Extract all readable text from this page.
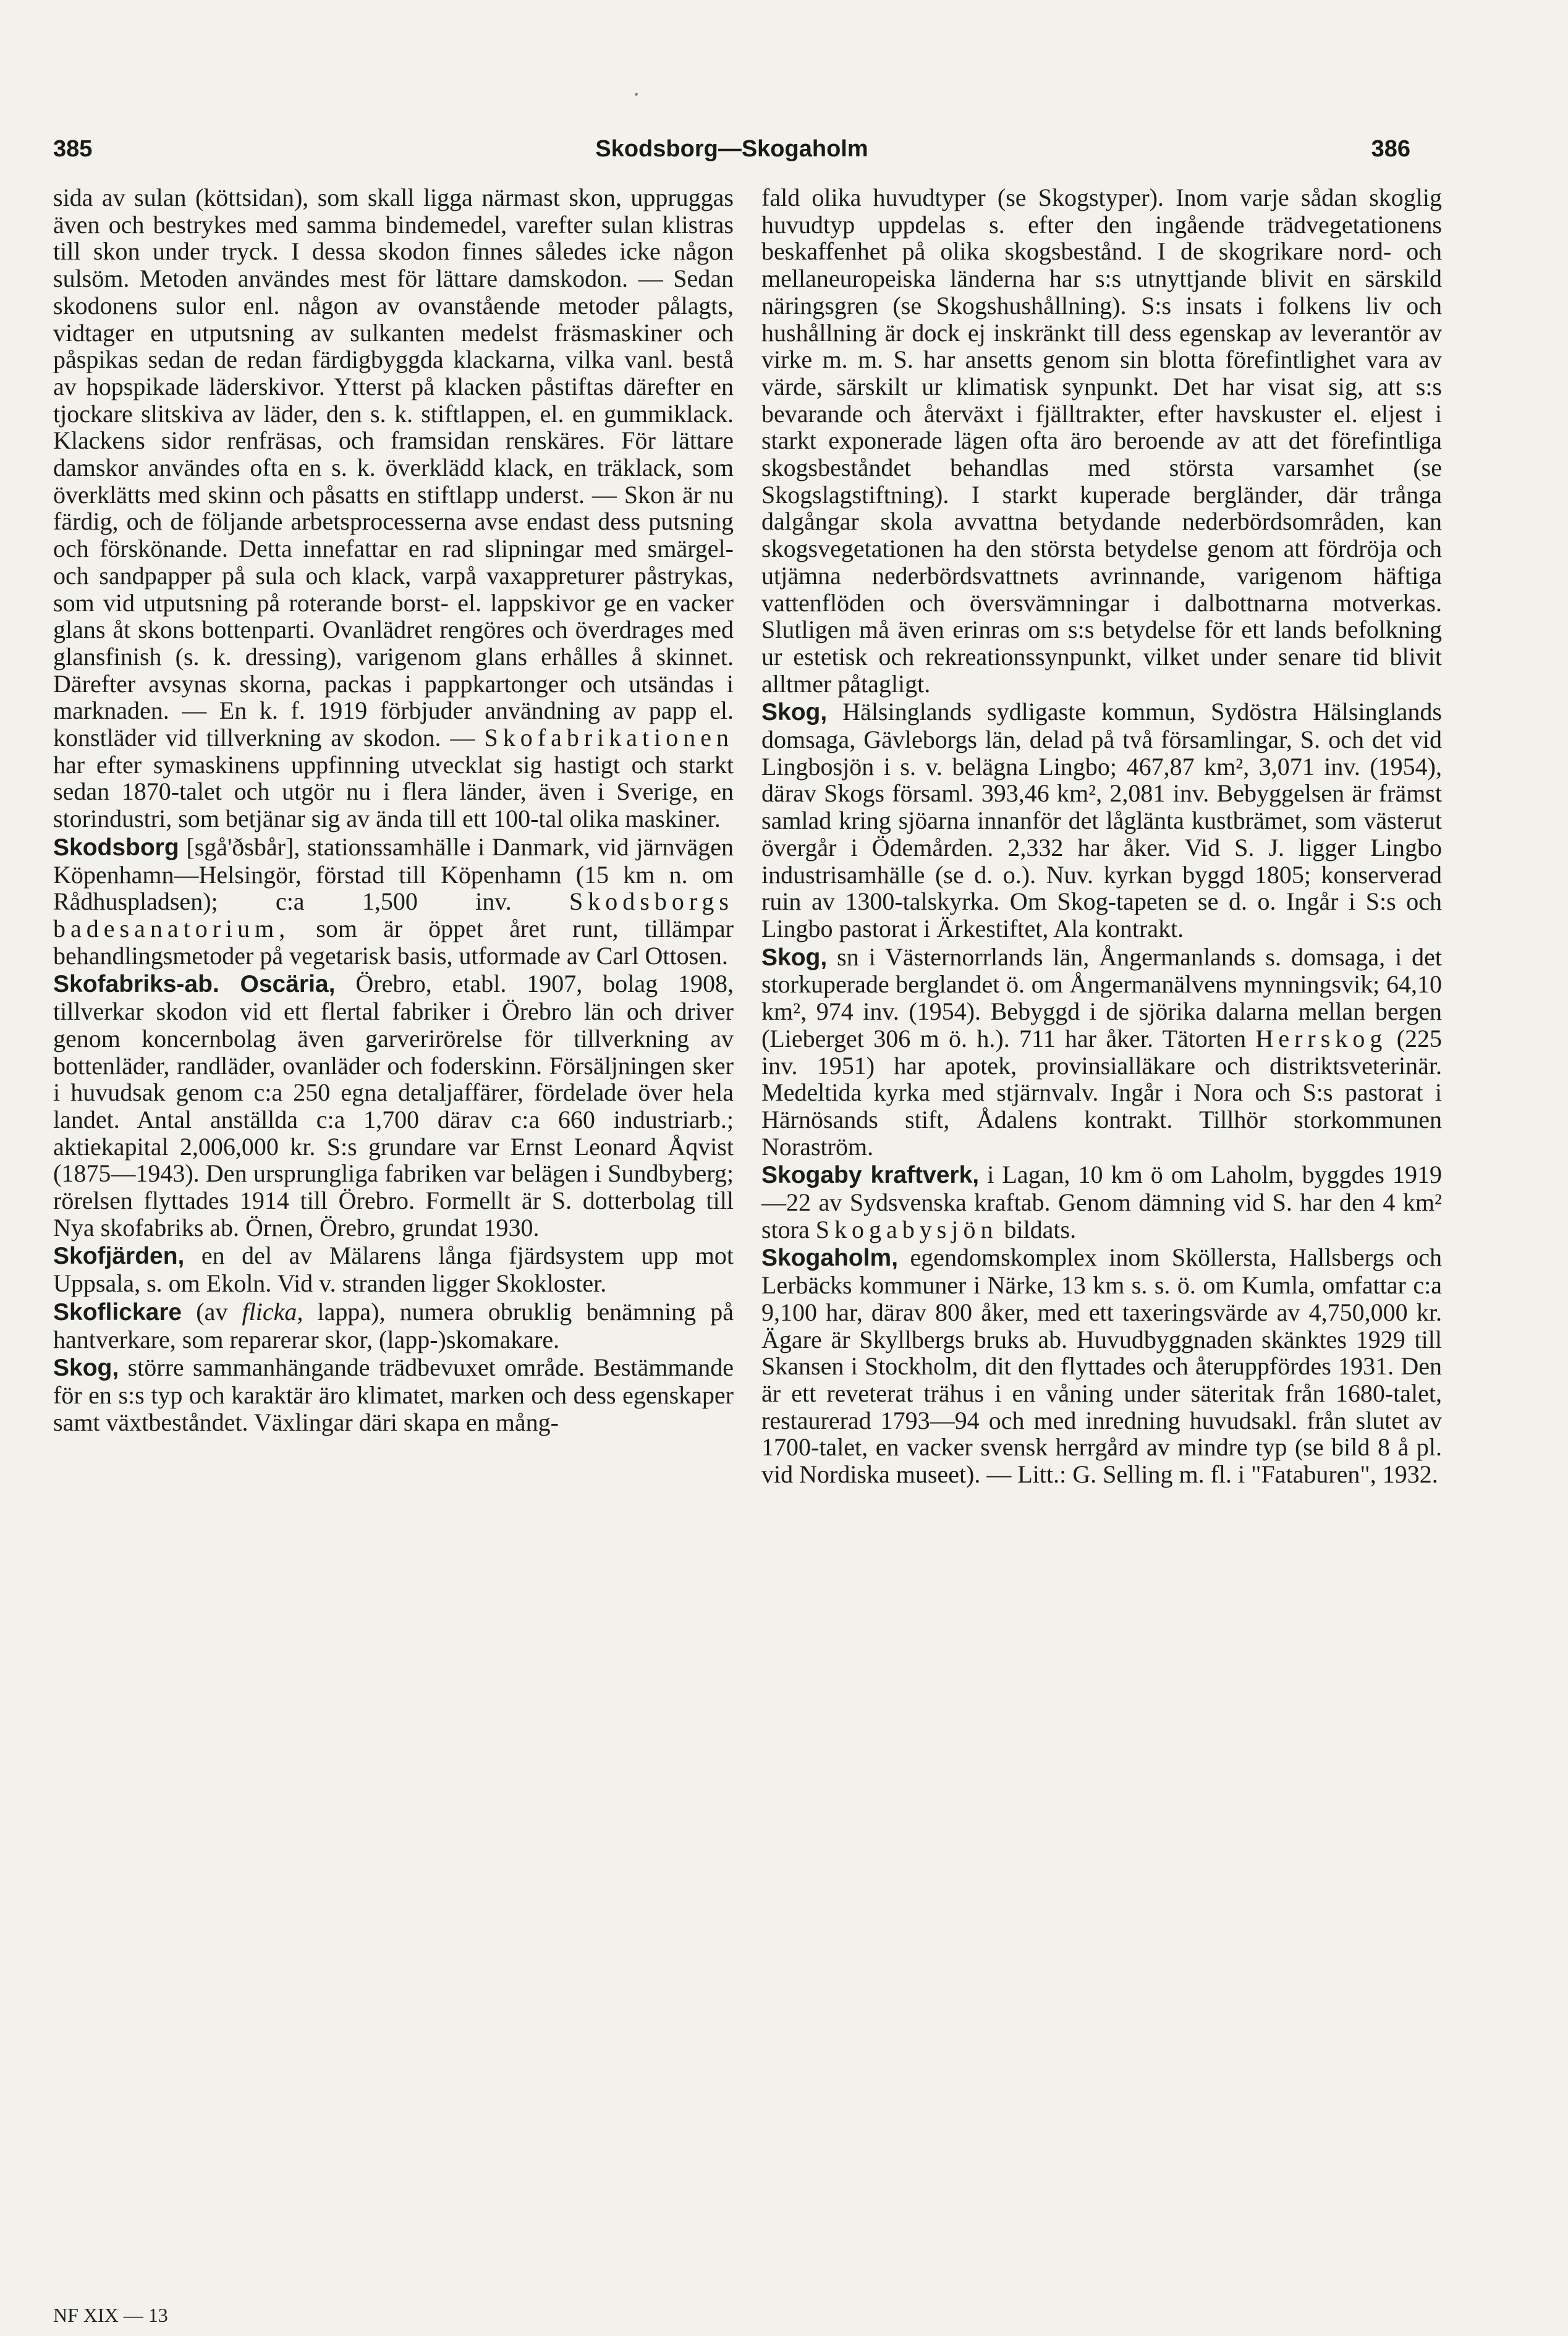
385	Skodsborg—Skogaholm	386

sida av sulan (köttsidan), som skall ligga närmast skon, uppruggas även och bestrykes med samma bindemedel, varefter sulan klistras till skon under tryck. I dessa skodon finnes således icke någon sulsöm. Metoden användes mest för lättare damskodon. — Sedan skodonens sulor enl. någon av ovanstående metoder pålagts, vidtager en utputsning av sulkanten medelst fräsmaskiner och påspikas sedan de redan färdigbyggda klackarna, vilka vanl. bestå av hopspikade läderskivor. Ytterst på klacken påstiftas därefter en tjockare slitskiva av läder, den s. k. stiftlappen, el. en gummiklack. Klackens sidor renfräsas, och framsidan renskäres. För lättare damskor användes ofta en s. k. överklädd klack, en träklack, som överklätts med skinn och påsatts en stiftlapp underst. — Skon är nu färdig, och de följande arbetsprocesserna avse endast dess putsning och förskönande. Detta innefattar en rad slipningar med smärgel- och sandpapper på sula och klack, varpå vaxappreturer påstrykas, som vid utputsning på roterande borst- el. lappskivor ge en vacker glans åt skons bottenparti. Ovanlädret rengöres och överdrages med glansfinish (s. k. dressing), varigenom glans erhålles å skinnet. Därefter avsynas skorna, packas i pappkartonger och utsändas i marknaden. — En k. f. 1919 förbjuder användning av papp el. konstläder vid tillverkning av skodon. — Skofabrikationen har efter symaskinens uppfinning utvecklat sig hastigt och starkt sedan 1870-talet och utgör nu i flera länder, även i Sverige, en storindustri, som betjänar sig av ända till ett 100-tal olika maskiner.

Skodsborg [sgå'ðsbår], stationssamhälle i Danmark, vid järnvägen Köpenhamn—Helsingör, förstad till Köpenhamn (15 km n. om Rådhuspladsen); c:a 1,500 inv. Skodsborgs badesanatorium, som är öppet året runt, tillämpar behandlingsmetoder på vegetarisk basis, utformade av Carl Ottosen.

Skofabriks-ab. Oscäria, Örebro, etabl. 1907, bolag 1908, tillverkar skodon vid ett flertal fabriker i Örebro län och driver genom koncernbolag även garverirörelse för tillverkning av bottenläder, randläder, ovanläder och foderskinn. Försäljningen sker i huvudsak genom c:a 250 egna detaljaffärer, fördelade över hela landet. Antal anställda c:a 1,700 därav c:a 660 industriarb.; aktiekapital 2,006,000 kr. S:s grundare var Ernst Leonard Åqvist (1875—1943). Den ursprungliga fabriken var belägen i Sundbyberg; rörelsen flyttades 1914 till Örebro. Formellt är S. dotterbolag till Nya skofabriks ab. Örnen, Örebro, grundat 1930.

Skofjärden, en del av Mälarens långa fjärdsystem upp mot Uppsala, s. om Ekoln. Vid v. stranden ligger Skokloster.

Skoflickare (av flicka, lappa), numera obruklig benämning på hantverkare, som reparerar skor, (lapp-)skomakare.

Skog, större sammanhängande trädbevuxet område. Bestämmande för en s:s typ och karaktär äro klimatet, marken och dess egenskaper samt växtbeståndet. Växlingar däri skapa en mång-

fald olika huvudtyper (se Skogstyper). Inom varje sådan skoglig huvudtyp uppdelas s. efter den ingående trädvegetationens beskaffenhet på olika skogsbestånd. I de skogrikare nord- och mellaneuropeiska länderna har s:s utnyttjande blivit en särskild näringsgren (se Skogshushållning). S:s insats i folkens liv och hushållning är dock ej inskränkt till dess egenskap av leverantör av virke m. m. S. har ansetts genom sin blotta förefintlighet vara av värde, särskilt ur klimatisk synpunkt. Det har visat sig, att s:s bevarande och återväxt i fjälltrakter, efter havskuster el. eljest i starkt exponerade lägen ofta äro beroende av att det förefintliga skogsbeståndet behandlas med största varsamhet (se Skogslagstiftning). I starkt kuperade bergländer, där trånga dalgångar skola avvattna betydande nederbördsområden, kan skogsvegetationen ha den största betydelse genom att fördröja och utjämna nederbördsvattnets avrinnande, varigenom häftiga vattenflöden och översvämningar i dalbottnarna motverkas. Slutligen må även erinras om s:s betydelse för ett lands befolkning ur estetisk och rekreationssynpunkt, vilket under senare tid blivit alltmer påtagligt.

Skog, Hälsinglands sydligaste kommun, Sydöstra Hälsinglands domsaga, Gävleborgs län, delad på två församlingar, S. och det vid Lingbosjön i s. v. belägna Lingbo; 467,87 km², 3,071 inv. (1954), därav Skogs församl. 393,46 km², 2,081 inv. Bebyggelsen är främst samlad kring sjöarna innanför det låglänta kustbrämet, som västerut övergår i Ödemården. 2,332 har åker. Vid S. J. ligger Lingbo industrisamhälle (se d. o.). Nuv. kyrkan byggd 1805; konserverad ruin av 1300-talskyrka. Om Skog-tapeten se d. o. Ingår i S:s och Lingbo pastorat i Ärkestiftet, Ala kontrakt.

Skog, sn i Västernorrlands län, Ångermanlands s. domsaga, i det storkuperade berglandet ö. om Ångermanälvens mynningsvik; 64,10 km², 974 inv. (1954). Bebyggd i de sjörika dalarna mellan bergen (Lieberget 306 m ö. h.). 711 har åker. Tätorten Herrskog (225 inv. 1951) har apotek, provinsialläkare och distriktsveterinär. Medeltida kyrka med stjärnvalv. Ingår i Nora och S:s pastorat i Härnösands stift, Ådalens kontrakt. Tillhör storkommunen Noraström.

Skogaby kraftverk, i Lagan, 10 km ö om Laholm, byggdes 1919—22 av Sydsvenska kraftab. Genom dämning vid S. har den 4 km² stora Skogabysjön bildats.

Skogaholm, egendomskomplex inom Sköllersta, Hallsbergs och Lerbäcks kommuner i Närke, 13 km s. s. ö. om Kumla, omfattar c:a 9,100 har, därav 800 åker, med ett taxeringsvärde av 4,750,000 kr. Ägare är Skyllbergs bruks ab. Huvudbyggnaden skänktes 1929 till Skansen i Stockholm, dit den flyttades och återuppfördes 1931. Den är ett reveterat trähus i en våning under säteritak från 1680-talet, restaurerad 1793—94 och med inredning huvudsakl. från slutet av 1700-talet, en vacker svensk herrgård av mindre typ (se bild 8 å pl. vid Nordiska museet). — Litt.: G. Selling m. fl. i "Fataburen", 1932.

NF XIX — 13
